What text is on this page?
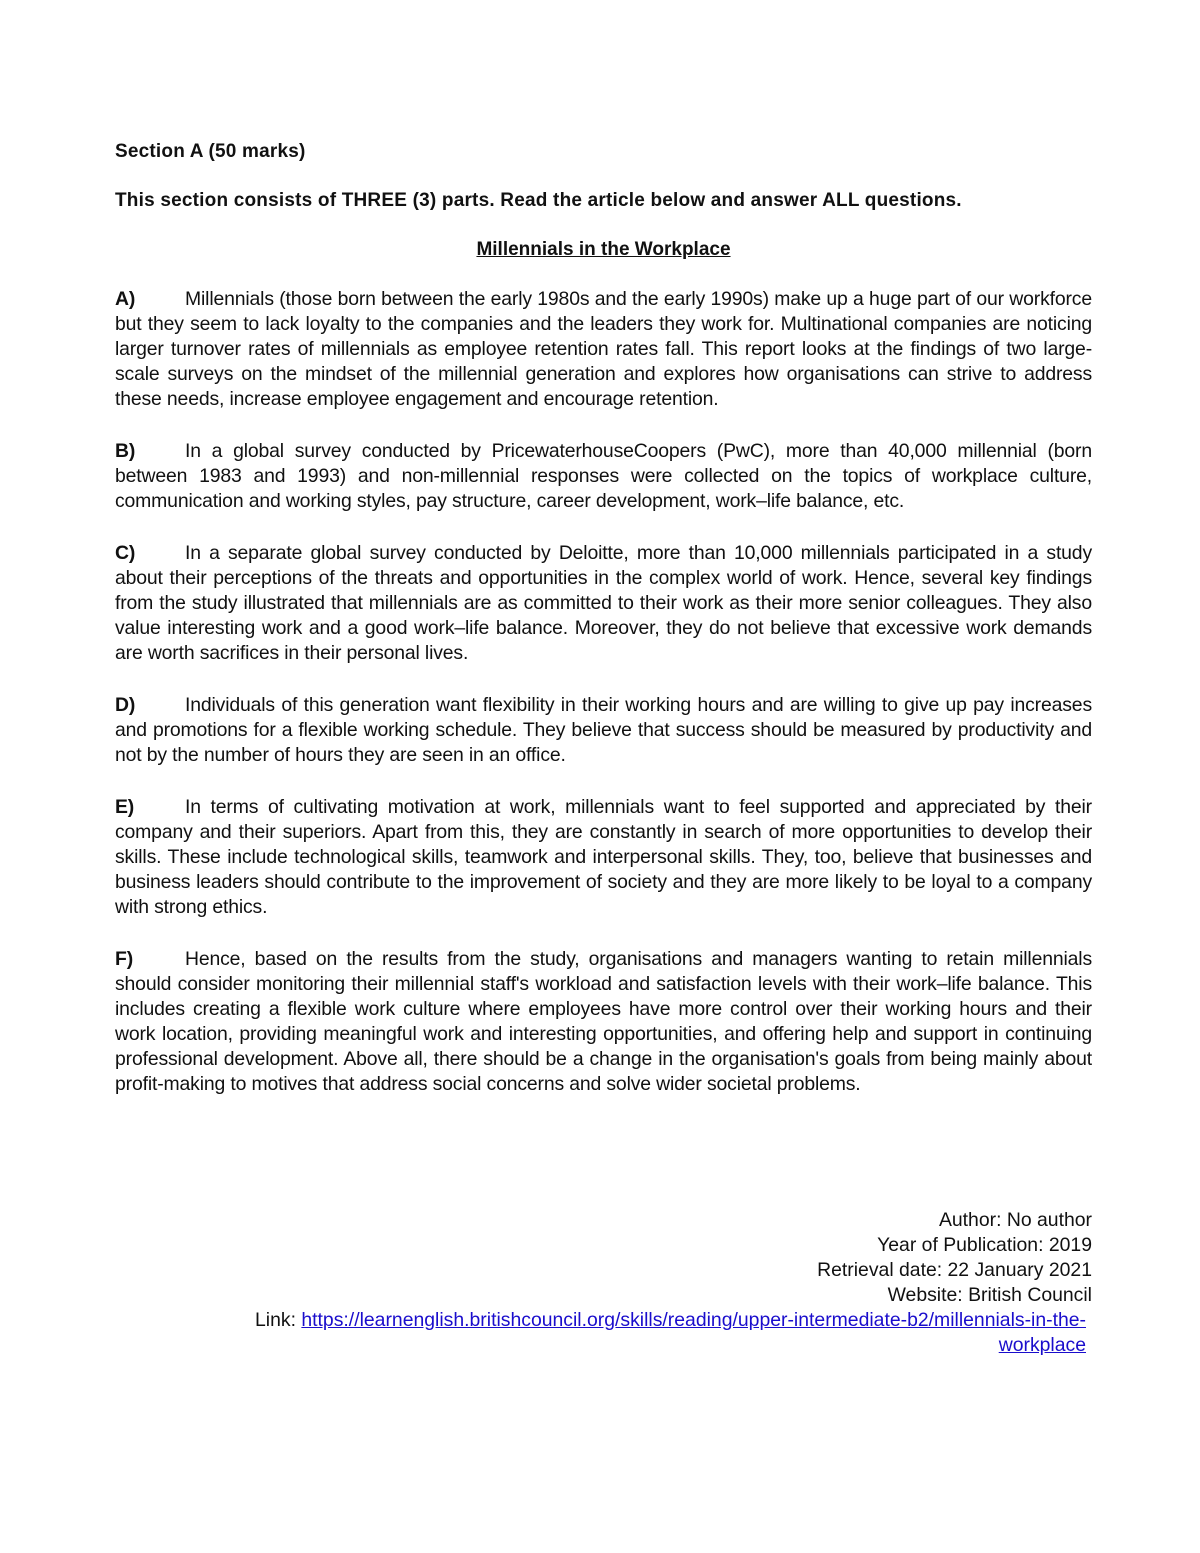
Section A (50 marks)

This section consists of THREE (3) parts. Read the article below and answer ALL questions.

Millennials in the Workplace

A)	Millennials (those born between the early 1980s and the early 1990s) make up a huge part of our workforce but they seem to lack loyalty to the companies and the leaders they work for. Multinational companies are noticing larger turnover rates of millennials as employee retention rates fall. This report looks at the findings of two large-scale surveys on the mindset of the millennial generation and explores how organisations can strive to address these needs, increase employee engagement and encourage retention.

B)	In a global survey conducted by PricewaterhouseCoopers (PwC), more than 40,000 millennial (born between 1983 and 1993) and non-millennial responses were collected on the topics of workplace culture, communication and working styles, pay structure, career development, work–life balance, etc.

C)	In a separate global survey conducted by Deloitte, more than 10,000 millennials participated in a study about their perceptions of the threats and opportunities in the complex world of work. Hence, several key findings from the study illustrated that millennials are as committed to their work as their more senior colleagues. They also value interesting work and a good work–life balance. Moreover, they do not believe that excessive work demands are worth sacrifices in their personal lives.

D)	Individuals of this generation want flexibility in their working hours and are willing to give up pay increases and promotions for a flexible working schedule. They believe that success should be measured by productivity and not by the number of hours they are seen in an office.

E)	In terms of cultivating motivation at work, millennials want to feel supported and appreciated by their company and their superiors. Apart from this, they are constantly in search of more opportunities to develop their skills. These include technological skills, teamwork and interpersonal skills. They, too, believe that businesses and business leaders should contribute to the improvement of society and they are more likely to be loyal to a company with strong ethics.

F)	Hence, based on the results from the study, organisations and managers wanting to retain millennials should consider monitoring their millennial staff's workload and satisfaction levels with their work–life balance. This includes creating a flexible work culture where employees have more control over their working hours and their work location, providing meaningful work and interesting opportunities, and offering help and support in continuing professional development. Above all, there should be a change in the organisation's goals from being mainly about profit-making to motives that address social concerns and solve wider societal problems.

Author: No author
Year of Publication: 2019
Retrieval date: 22 January 2021
Website: British Council
Link: https://learnenglish.britishcouncil.org/skills/reading/upper-intermediate-b2/millennials-in-the-
workplace
